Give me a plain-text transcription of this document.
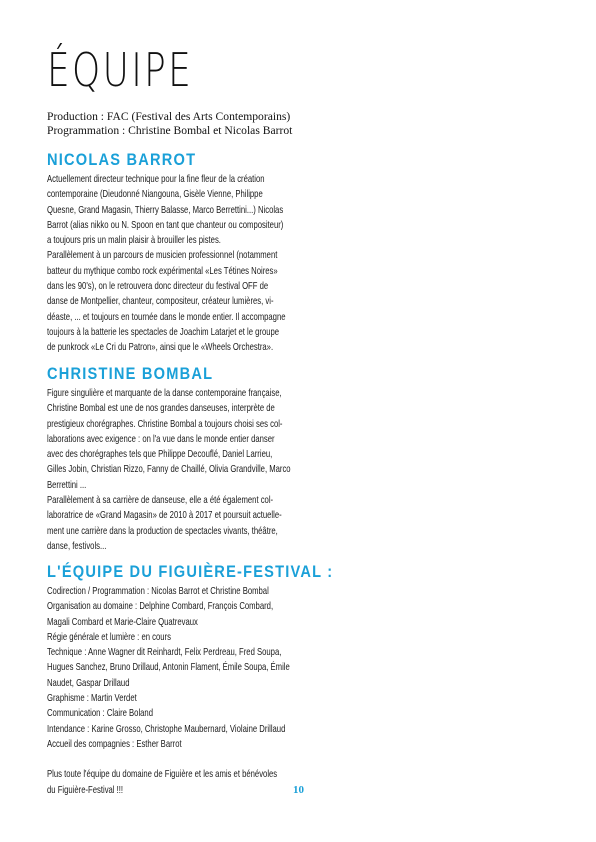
ÉQUIPE
Production : FAC (Festival des Arts Contemporains)
Programmation : Christine Bombal et Nicolas Barrot
NICOLAS BARROT

Actuellement directeur technique pour la fine fleur de la création
contemporaine (Dieudonné Niangouna, Gisèle Vienne, Philippe
Quesne, Grand Magasin, Thierry Balasse, Marco Berrettini...) Nicolas
Barrot (alias nikko ou N. Spoon en tant que chanteur ou compositeur)
a toujours pris un malin plaisir à brouiller les pistes.
Parallèlement à un parcours de musicien professionnel (notamment
batteur du mythique combo rock expérimental «Les Tétines Noires»
dans les 90's), on le retrouvera donc directeur du festival OFF de
danse de Montpellier, chanteur, compositeur, créateur lumières, vi-
déaste, ... et toujours en tournée dans le monde entier. Il accompagne
toujours à la batterie les spectacles de Joachim Latarjet et le groupe
de punkrock «Le Cri du Patron», ainsi que le «Wheels Orchestra».

CHRISTINE BOMBAL

Figure singulière et marquante de la danse contemporaine française,
Christine Bombal est une de nos grandes danseuses, interprète de
prestigieux chorégraphes. Christine Bombal a toujours choisi ses col-
laborations avec exigence : on l'a vue dans le monde entier danser
avec des chorégraphes tels que Philippe Decouflé, Daniel Larrieu,
Gilles Jobin, Christian Rizzo, Fanny de Chaillé, Olivia Grandville, Marco
Berrettini ...
Parallèlement à sa carrière de danseuse, elle a été également col-
laboratrice de «Grand Magasin» de 2010 à 2017 et poursuit actuelle-
ment une carrière dans la production de spectacles vivants, théâtre,
danse, festivols...

L'ÉQUIPE DU FIGUIÈRE-FESTIVAL :

Codirection / Programmation : Nicolas Barrot et Christine Bombal
Organisation au domaine : Delphine Combard, François Combard,
Magali Combard et Marie-Claire Quatrevaux
Régie générale et lumière : en cours
Technique : Anne Wagner dit Reinhardt, Felix Perdreau, Fred Soupa,
Hugues Sanchez, Bruno Drillaud, Antonin Flament, Émile Soupa, Émile
Naudet, Gaspar Drillaud
Graphisme : Martin Verdet
Communication : Claire Boland
Intendance : Karine Grosso, Christophe Maubernard, Violaine Drillaud
Accueil des compagnies : Esther Barrot

Plus toute l'équipe du domaine de Figuière et les amis et bénévoles
du Figuière-Festival !!!	10
